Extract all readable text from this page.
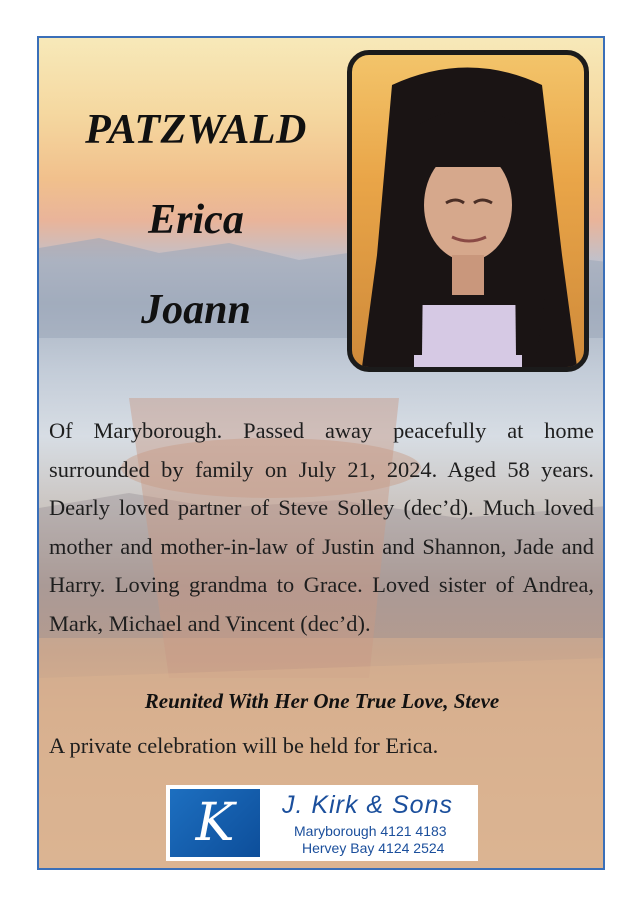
PATZWALD
Erica
Joann

Of Maryborough. Passed away peacefully at home surrounded by family on July 21, 2024. Aged 58 years. Dearly loved partner of Steve Solley (dec’d). Much loved mother and mother-in-law of Justin and Shannon, Jade and Harry. Loving grandma to Grace. Loved sister of Andrea, Mark, Michael and Vincent (dec’d).

Reunited With Her One True Love, Steve
A private celebration will be held for Erica.
K	J. Kirk & Sons
Maryborough 4121 4183
Hervey Bay 4124 2524
